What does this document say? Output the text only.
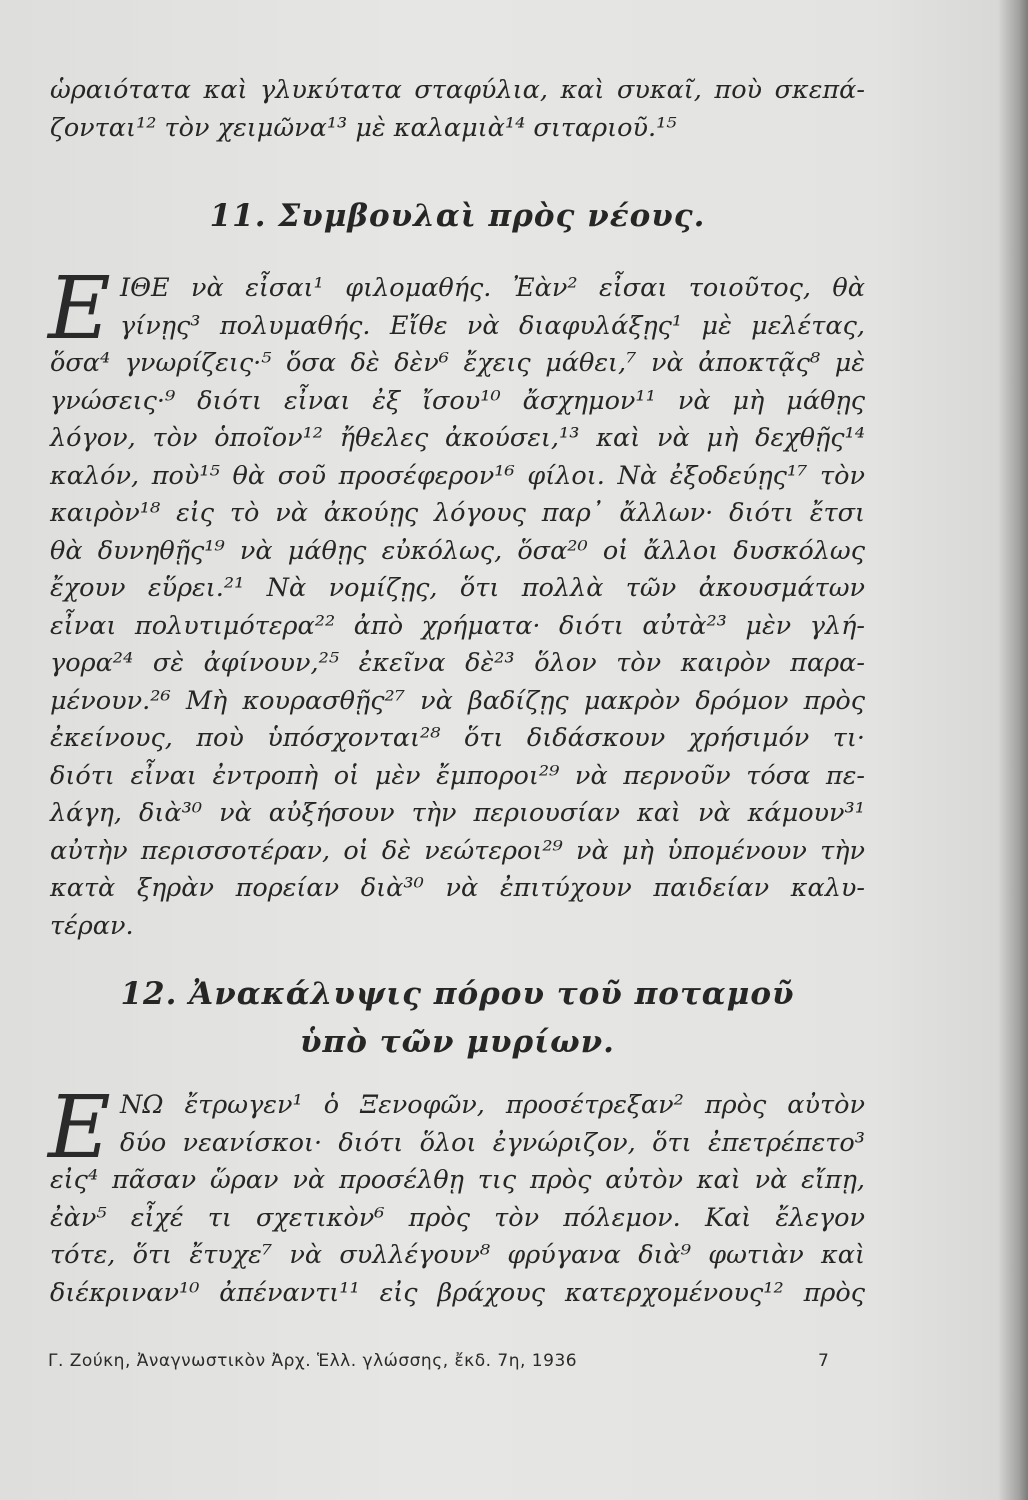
ὡραιότατα καὶ γλυκύτατα σταφύλια, καὶ συκαῖ, ποὺ σκεπά-
ζονται¹² τὸν χειμῶνα¹³ μὲ καλαμιὰ¹⁴ σιταριοῦ.¹⁵
11. Συμβουλαὶ πρὸς νέους.
Ε ΙΘΕ νὰ εἶσαι¹ φιλομαθής. Ἐὰν² εἶσαι τοιοῦτος, θὰ
γίνῃς³ πολυμαθής. Εἴθε νὰ διαφυλάξῃς¹ μὲ μελέτας,
ὅσα⁴ γνωρίζεις·⁵ ὅσα δὲ δὲν⁶ ἔχεις μάθει,⁷ νὰ ἀποκτᾷς⁸ μὲ
γνώσεις·⁹ διότι εἶναι ἐξ ἴσου¹⁰ ἄσχημον¹¹ νὰ μὴ μάθῃς
λόγον, τὸν ὁποῖον¹² ἤθελες ἀκούσει,¹³ καὶ νὰ μὴ δεχθῇς¹⁴
καλόν, ποὺ¹⁵ θὰ σοῦ προσέφερον¹⁶ φίλοι. Νὰ ἐξοδεύῃς¹⁷ τὸν
καιρὸν¹⁸ εἰς τὸ νὰ ἀκούῃς λόγους παρ᾽ ἄλλων· διότι ἔτσι
θὰ δυνηθῇς¹⁹ νὰ μάθῃς εὐκόλως, ὅσα²⁰ οἱ ἄλλοι δυσκόλως
ἔχουν εὕρει.²¹ Νὰ νομίζῃς, ὅτι πολλὰ τῶν ἀκουσμάτων
εἶναι πολυτιμότερα²² ἀπὸ χρήματα· διότι αὐτὰ²³ μὲν γλή-
γορα²⁴ σὲ ἀφίνουν,²⁵ ἐκεῖνα δὲ²³ ὅλον τὸν καιρὸν παρα-
μένουν.²⁶ Μὴ κουρασθῇς²⁷ νὰ βαδίζῃς μακρὸν δρόμον πρὸς
ἐκείνους, ποὺ ὑπόσχονται²⁸ ὅτι διδάσκουν χρήσιμόν τι·
διότι εἶναι ἐντροπὴ οἱ μὲν ἔμποροι²⁹ νὰ περνοῦν τόσα πε-
λάγη, διὰ³⁰ νὰ αὐξήσουν τὴν περιουσίαν καὶ νὰ κάμουν³¹
αὐτὴν περισσοτέραν, οἱ δὲ νεώτεροι²⁹ νὰ μὴ ὑπομένουν τὴν
κατὰ ξηρὰν πορείαν διὰ³⁰ νὰ ἐπιτύχουν παιδείαν καλυ-
τέραν.
12. Ἀνακάλυψις πόρου τοῦ ποταμοῦ
ὑπὸ τῶν μυρίων.
Ε ΝΩ ἔτρωγεν¹ ὁ Ξενοφῶν, προσέτρεξαν² πρὸς αὐτὸν
δύο νεανίσκοι· διότι ὅλοι ἐγνώριζον, ὅτι ἐπετρέπετο³
εἰς⁴ πᾶσαν ὥραν νὰ προσέλθῃ τις πρὸς αὐτὸν καὶ νὰ εἴπῃ,
ἐὰν⁵ εἶχέ τι σχετικὸν⁶ πρὸς τὸν πόλεμον. Καὶ ἔλεγον
τότε, ὅτι ἔτυχε⁷ νὰ συλλέγουν⁸ φρύγανα διὰ⁹ φωτιὰν καὶ
διέκριναν¹⁰ ἀπέναντι¹¹ εἰς βράχους κατερχομένους¹² πρὸς
Γ. Ζούκη, Ἀναγνωστικὸν Ἀρχ. Ἑλλ. γλώσσης, ἔκδ. 7η, 1936	7
